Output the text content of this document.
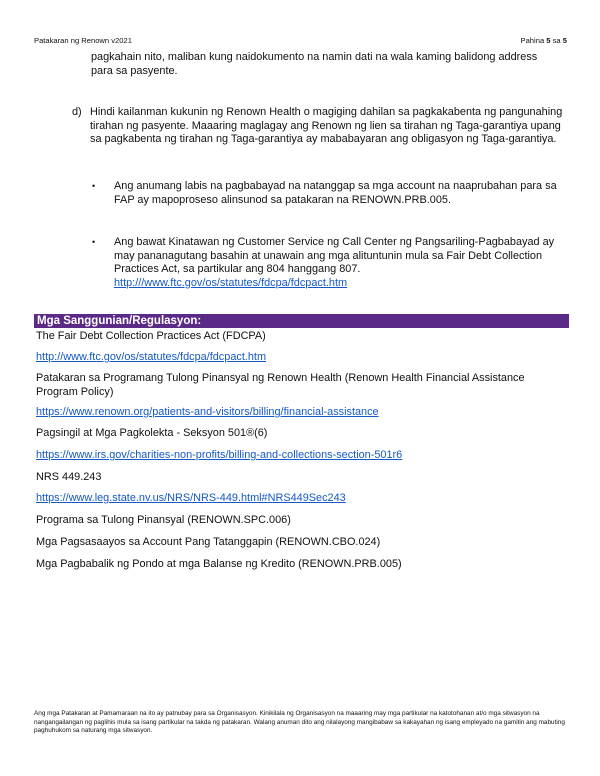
Patakaran ng Renown v2021	Pahina 5 sa 5
pagkahain nito, maliban kung naidokumento na namin dati na wala kaming balidong address para sa pasyente.
d) Hindi kailanman kukunin ng Renown Health o magiging dahilan sa pagkakabenta ng pangunahing tirahan ng pasyente. Maaaring maglagay ang Renown ng lien sa tirahan ng Taga-garantiya upang sa pagkabenta ng tirahan ng Taga-garantiya ay mababayaran ang obligasyon ng Taga-garantiya.
• Ang anumang labis na pagbabayad na natanggap sa mga account na naaprubahan para sa FAP ay mapoproseso alinsunod sa patakaran na RENOWN.PRB.005.
• Ang bawat Kinatawan ng Customer Service ng Call Center ng Pangsariling-Pagbabayad ay may pananagutang basahin at unawain ang mga alituntunin mula sa Fair Debt Collection Practices Act, sa partikular ang 804 hanggang 807.
http:///www.ftc.gov/os/statutes/fdcpa/fdcpact.htm
Mga Sanggunian/Regulasyon:
The Fair Debt Collection Practices Act (FDCPA)
http://www.ftc.gov/os/statutes/fdcpa/fdcpact.htm
Patakaran sa Programang Tulong Pinansyal ng Renown Health (Renown Health Financial Assistance Program Policy)
https://www.renown.org/patients-and-visitors/billing/financial-assistance
Pagsingil at Mga Pagkolekta - Seksyon 501®(6)
https://www.irs.gov/charities-non-profits/billing-and-collections-section-501r6
NRS 449.243
https://www.leg.state.nv.us/NRS/NRS-449.html#NRS449Sec243
Programa sa Tulong Pinansyal (RENOWN.SPC.006)
Mga Pagsasaayos sa Account Pang Tatanggapin (RENOWN.CBO.024)
Mga Pagbabalik ng Pondo at mga Balanse ng Kredito (RENOWN.PRB.005)
Ang mga Patakaran at Pamamaraan na ito ay patnubay para sa Organisasyon. Kinikilala ng Organisasyon na maaaring may mga partikular na katotohanan at/o mga sitwasyon na nangangailangan ng paglihis mula sa isang partikular na takda ng patakaran. Walang anuman dito ang nilalayong mangibabaw sa kakayahan ng isang empleyado na gamitin ang mabuting paghuhukom sa naturang mga sitwasyon.
